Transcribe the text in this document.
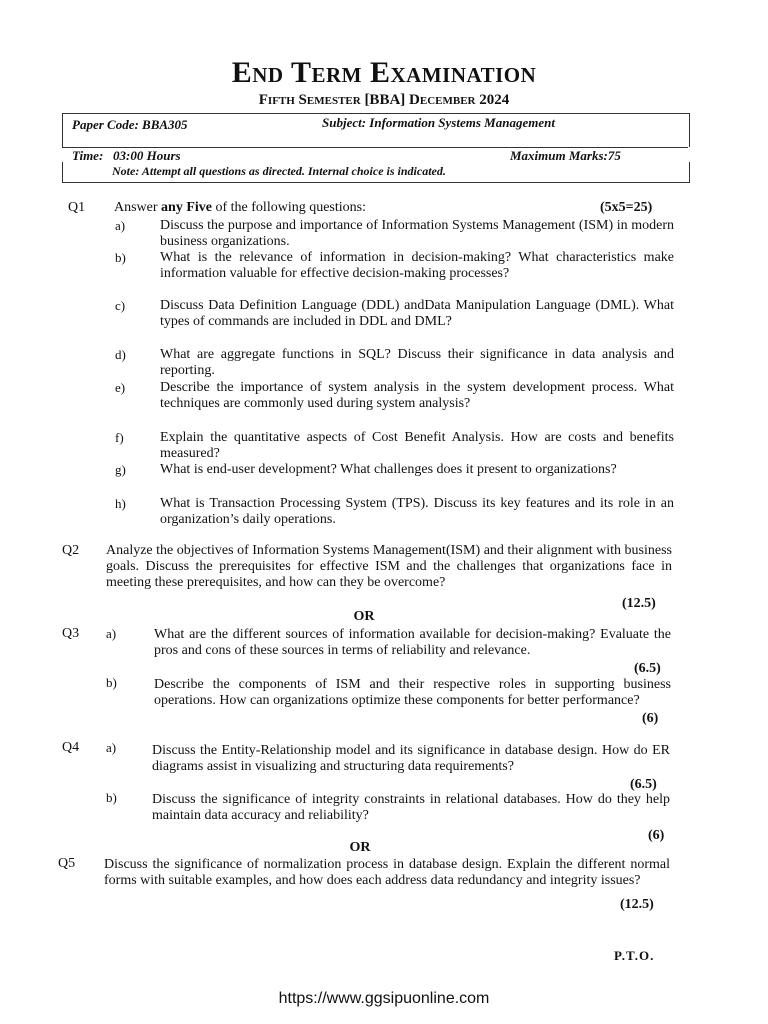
End Term Examination
Fifth Semester [BBA] December 2024
Paper Code: BBA305	Subject: Information Systems Management
Time: 03:00 Hours	Maximum Marks:75
Note: Attempt all questions as directed. Internal choice is indicated.
Q1 Answer any Five of the following questions:	(5x5=25)
a) Discuss the purpose and importance of Information Systems Management (ISM) in modern business organizations.
b) What is the relevance of information in decision-making? What characteristics make information valuable for effective decision-making processes?
c) Discuss Data Definition Language (DDL) andData Manipulation Language (DML). What types of commands are included in DDL and DML?
d) What are aggregate functions in SQL? Discuss their significance in data analysis and reporting.
e) Describe the importance of system analysis in the system development process. What techniques are commonly used during system analysis?
f)	Explain the quantitative aspects of Cost Benefit Analysis. How are costs and benefits measured?
g) What is end-user development? What challenges does it present to organizations?
h) What is Transaction Processing System (TPS). Discuss its key features and its role in an organization’s daily operations.
Q2 Analyze the objectives of Information Systems Management(ISM) and their alignment with business goals. Discuss the prerequisites for effective ISM and the challenges that organizations face in meeting these prerequisites, and how can they be overcome?
(12.5)
OR
Q3 a)	What are the different sources of information available for decision-making? Evaluate the pros and cons of these sources in terms of reliability and relevance.
(6.5)
b)	Describe the components of ISM and their respective roles in supporting business operations. How can organizations optimize these components for better performance?
(6)
Q4 a)	Discuss the Entity-Relationship model and its significance in database design. How do ER diagrams assist in visualizing and structuring data requirements?
(6.5)
b)	Discuss the significance of integrity constraints in relational databases. How do they help maintain data accuracy and reliability?
(6)
OR
Q5 Discuss the significance of normalization process in database design. Explain the different normal forms with suitable examples, and how does each address data redundancy and integrity issues?
(12.5)
P.T.O.
https://www.ggsipuonline.com
